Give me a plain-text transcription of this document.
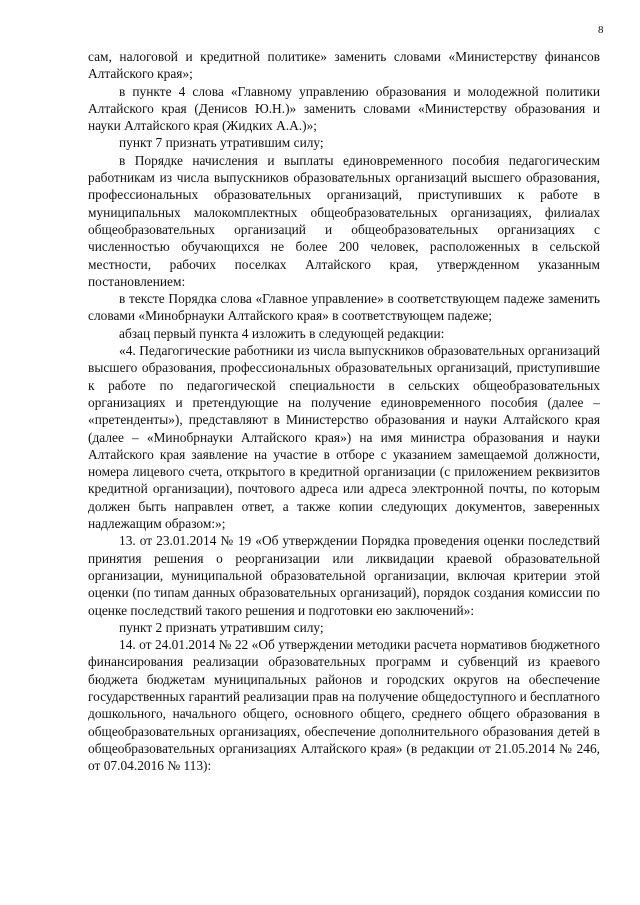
8

сам, налоговой и кредитной политике» заменить словами «Министерству финансов Алтайского края»;

в пункте 4 слова «Главному управлению образования и молодежной политики Алтайского края (Денисов Ю.Н.)» заменить словами «Министерству образования и науки Алтайского края (Жидких А.А.)»;

пункт 7 признать утратившим силу;

в Порядке начисления и выплаты единовременного пособия педагогическим работникам из числа выпускников образовательных организаций высшего образования, профессиональных образовательных организаций, приступивших к работе в муниципальных малокомплектных общеобразовательных организациях, филиалах общеобразовательных организаций и общеобразовательных организациях с численностью обучающихся не более 200 человек, расположенных в сельской местности, рабочих поселках Алтайского края, утвержденном указанным постановлением:

в тексте Порядка слова «Главное управление» в соответствующем падеже заменить словами «Минобрнауки Алтайского края» в соответствующем падеже;

абзац первый пункта 4 изложить в следующей редакции:

«4. Педагогические работники из числа выпускников образовательных организаций высшего образования, профессиональных образовательных организаций, приступившие к работе по педагогической специальности в сельских общеобразовательных организациях и претендующие на получение единовременного пособия (далее – «претенденты»), представляют в Министерство образования и науки Алтайского края (далее – «Минобрнауки Алтайского края») на имя министра образования и науки Алтайского края заявление на участие в отборе с указанием замещаемой должности, номера лицевого счета, открытого в кредитной организации (с приложением реквизитов кредитной организации), почтового адреса или адреса электронной почты, по которым должен быть направлен ответ, а также копии следующих документов, заверенных надлежащим образом:»;

13. от 23.01.2014 № 19 «Об утверждении Порядка проведения оценки последствий принятия решения о реорганизации или ликвидации краевой образовательной организации, муниципальной образовательной организации, включая критерии этой оценки (по типам данных образовательных организаций), порядок создания комиссии по оценке последствий такого решения и подготовки ею заключений»:

пункт 2 признать утратившим силу;

14. от 24.01.2014 № 22 «Об утверждении методики расчета нормативов бюджетного финансирования реализации образовательных программ и субвенций из краевого бюджета бюджетам муниципальных районов и городских округов на обеспечение государственных гарантий реализации прав на получение общедоступного и бесплатного дошкольного, начального общего, основного общего, среднего общего образования в общеобразовательных организациях, обеспечение дополнительного образования детей в общеобразовательных организациях Алтайского края» (в редакции от 21.05.2014 № 246, от 07.04.2016 № 113):
